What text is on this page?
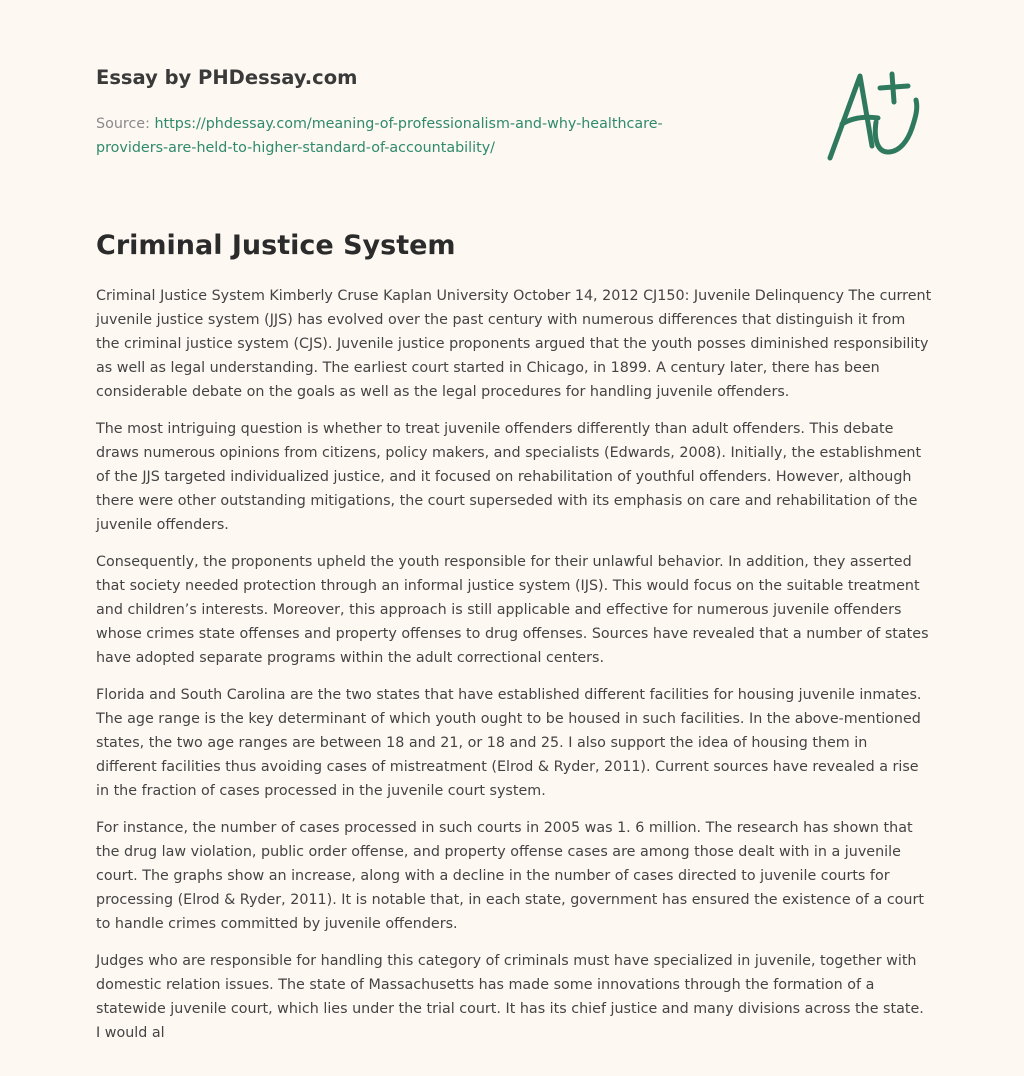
Essay by PHDessay.com
Source: https://phdessay.com/meaning-of-professionalism-and-why-healthcare-
providers-are-held-to-higher-standard-of-accountability/
Criminal Justice System

Criminal Justice System Kimberly Cruse Kaplan University October 14, 2012 CJ150: Juvenile Delinquency The current juvenile justice system (JJS) has evolved over the past century with numerous differences that distinguish it from the criminal justice system (CJS). Juvenile justice proponents argued that the youth posses diminished responsibility as well as legal understanding. The earliest court started in Chicago, in 1899. A century later, there has been considerable debate on the goals as well as the legal procedures for handling juvenile offenders.

The most intriguing question is whether to treat juvenile offenders differently than adult offenders. This debate draws numerous opinions from citizens, policy makers, and specialists (Edwards, 2008). Initially, the establishment of the JJS targeted individualized justice, and it focused on rehabilitation of youthful offenders. However, although there were other outstanding mitigations, the court superseded with its emphasis on care and rehabilitation of the juvenile offenders.

Consequently, the proponents upheld the youth responsible for their unlawful behavior. In addition, they asserted that society needed protection through an informal justice system (IJS). This would focus on the suitable treatment and children’s interests. Moreover, this approach is still applicable and effective for numerous juvenile offenders whose crimes state offenses and property offenses to drug offenses. Sources have revealed that a number of states have adopted separate programs within the adult correctional centers.

Florida and South Carolina are the two states that have established different facilities for housing juvenile inmates. The age range is the key determinant of which youth ought to be housed in such facilities. In the above-mentioned states, the two age ranges are between 18 and 21, or 18 and 25. I also support the idea of housing them in different facilities thus avoiding cases of mistreatment (Elrod & Ryder, 2011). Current sources have revealed a rise in the fraction of cases processed in the juvenile court system.

For instance, the number of cases processed in such courts in 2005 was 1. 6 million. The research has shown that the drug law violation, public order offense, and property offense cases are among those dealt with in a juvenile court. The graphs show an increase, along with a decline in the number of cases directed to juvenile courts for processing (Elrod & Ryder, 2011). It is notable that, in each state, government has ensured the existence of a court to handle crimes committed by juvenile offenders.

Judges who are responsible for handling this category of criminals must have specialized in juvenile, together with domestic relation issues. The state of Massachusetts has made some innovations through the formation of a statewide juvenile court, which lies under the trial court. It has its chief justice and many divisions across the state. I would al
